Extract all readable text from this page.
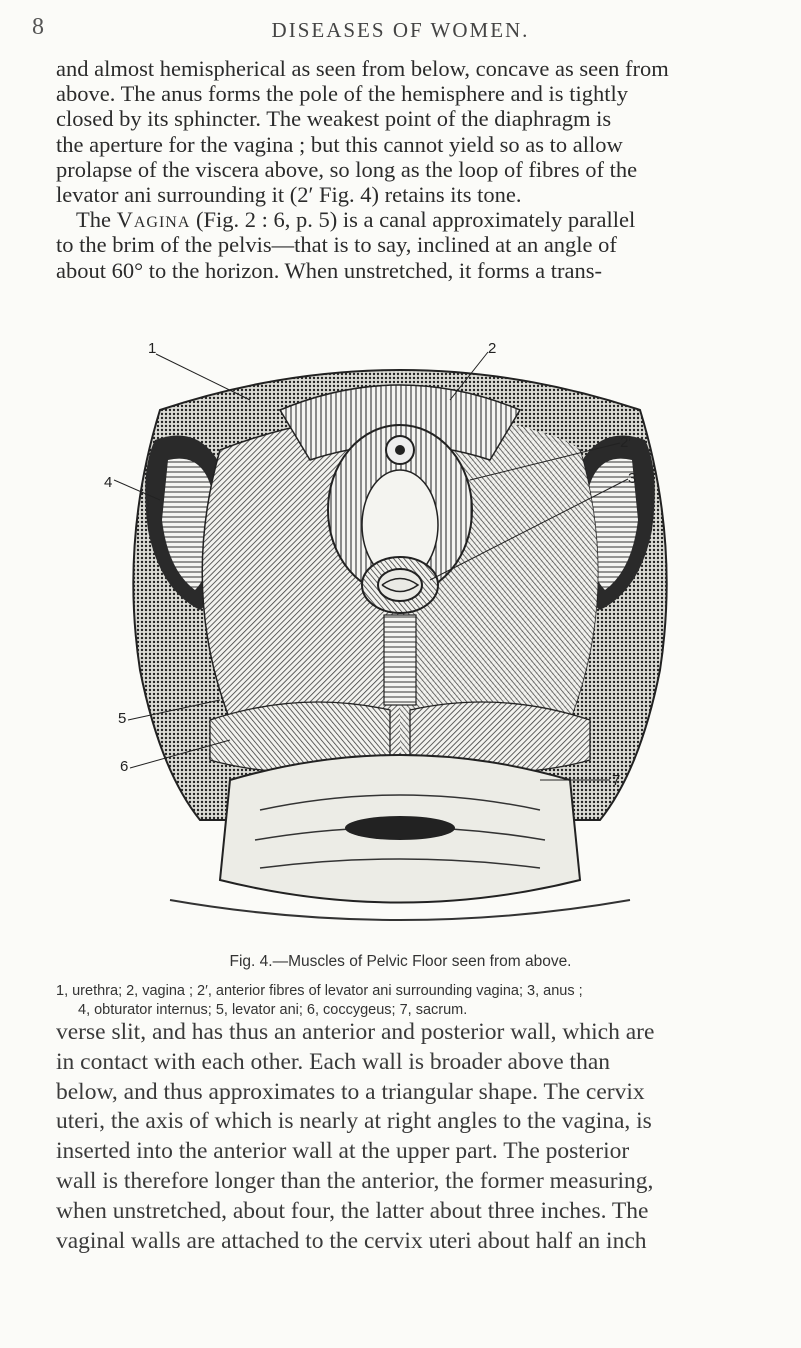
8	DISEASES OF WOMEN.
and almost hemispherical as seen from below, concave as seen from
above. The anus forms the pole of the hemisphere and is tightly
closed by its sphincter. The weakest point of the diaphragm is
the aperture for the vagina ; but this cannot yield so as to allow
prolapse of the viscera above, so long as the loop of fibres of the
levator ani surrounding it (2′ Fig. 4) retains its tone.
The Vagina (Fig. 2 : 6, p. 5) is a canal approximately parallel
to the brim of the pelvis—that is to say, inclined at an angle of
about 60° to the horizon. When unstretched, it forms a trans-
1	2
2′
3
4
5
6
7
Fig. 4.—Muscles of Pelvic Floor seen from above.
1, urethra; 2, vagina ; 2′, anterior fibres of levator ani surrounding vagina; 3, anus ;
4, obturator internus; 5, levator ani; 6, coccygeus; 7, sacrum.
verse slit, and has thus an anterior and posterior wall, which are
in contact with each other. Each wall is broader above than
below, and thus approximates to a triangular shape. The cervix
uteri, the axis of which is nearly at right angles to the vagina, is
inserted into the anterior wall at the upper part. The posterior
wall is therefore longer than the anterior, the former measuring,
when unstretched, about four, the latter about three inches. The
vaginal walls are attached to the cervix uteri about half an inch
